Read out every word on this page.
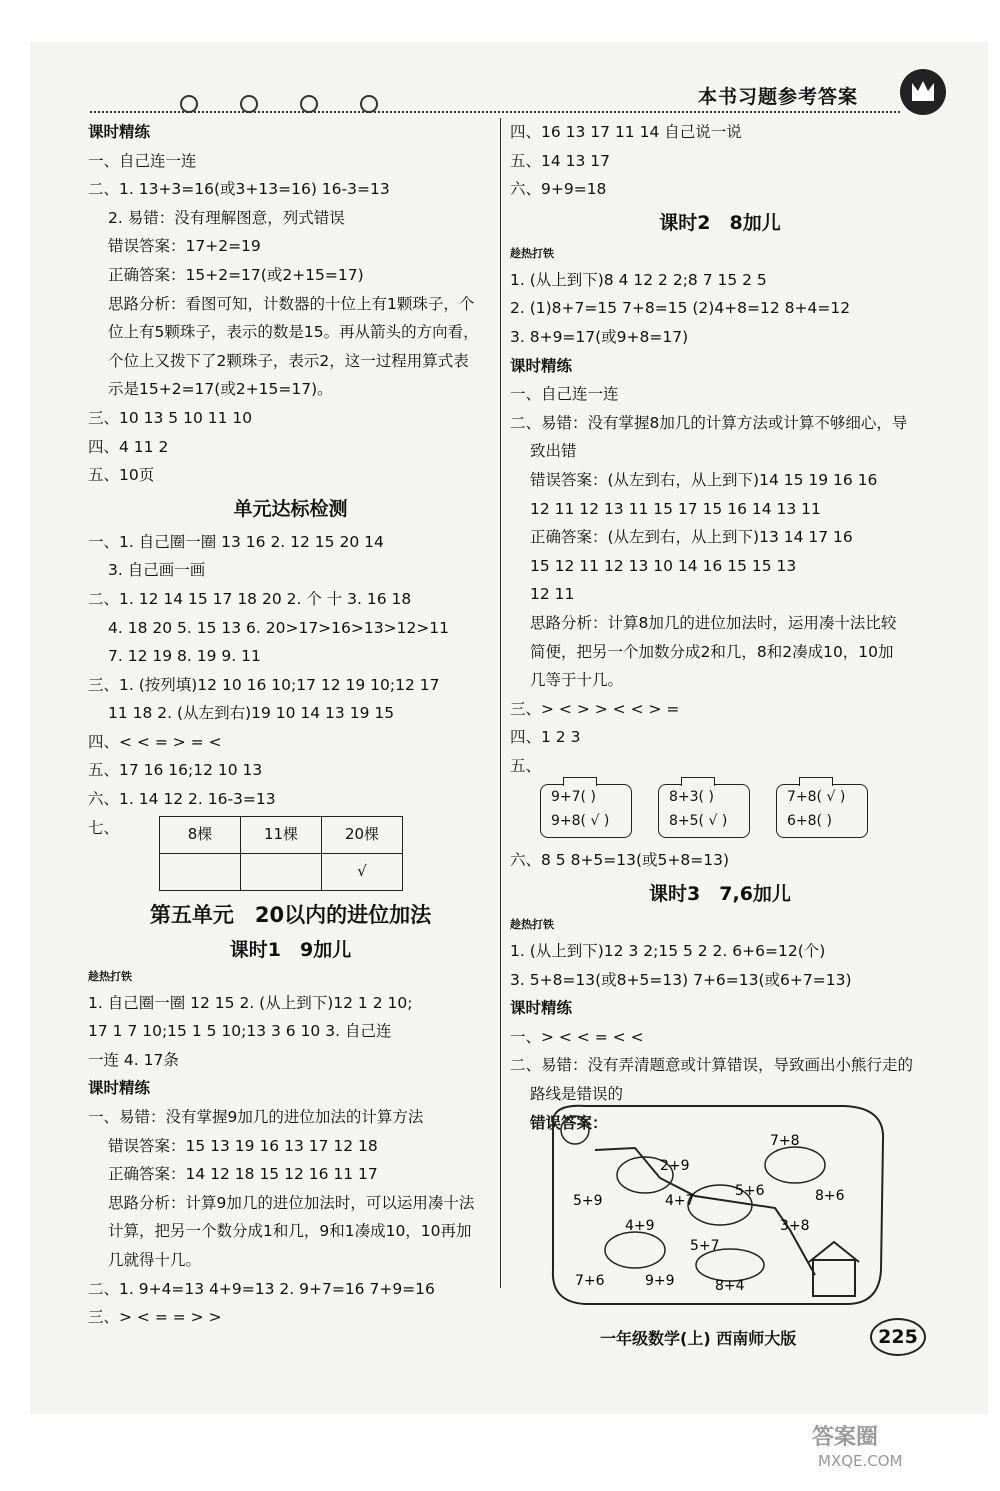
本书习题参考答案
课时精练
一、自己连一连
二、1. 13+3=16(或3+13=16) 16-3=13
2. 易错：没有理解图意，列式错误
错误答案：17+2=19
正确答案：15+2=17(或2+15=17)
思路分析：看图可知，计数器的十位上有1颗珠子，个
位上有5颗珠子，表示的数是15。再从箭头的方向看，
个位上又拨下了2颗珠子，表示2，这一过程用算式表
示是15+2=17(或2+15=17)。
三、10 13 5 10 11 10
四、4 11 2
五、10页
单元达标检测
一、1. 自己圈一圈 13 16 2. 12 15 20 14
3. 自己画一画
二、1. 12 14 15 17 18 20 2. 个 十 3. 16 18
4. 18 20 5. 15 13 6. 20>17>16>13>12>11
7. 12 19 8. 19 9. 11
三、1. (按列填)12 10 16 10;17 12 19 10;12 17
11 18 2. (从左到右)19 10 14 13 19 15
四、< < = > = <
五、17 16 16;12 10 13
六、1. 14 12 2. 16-3=13
七、	8棵	11棵	20棵
		√
第五单元　20以内的进位加法
课时1　9加儿
趁热打铁
1. 自己圈一圈 12 15 2. (从上到下)12 1 2 10;
17 1 7 10;15 1 5 10;13 3 6 10 3. 自己连
一连 4. 17条
课时精练
一、易错：没有掌握9加几的进位加法的计算方法
错误答案：15 13 19 16 13 17 12 18
正确答案：14 12 18 15 12 16 11 17
思路分析：计算9加几的进位加法时，可以运用凑十法
计算，把另一个数分成1和几，9和1凑成10，10再加
几就得十几。
二、1. 9+4=13 4+9=13 2. 9+7=16 7+9=16
三、> < = = > >
四、16 13 17 11 14 自己说一说
五、14 13 17
六、9+9=18
课时2　8加儿
趁热打铁
1. (从上到下)8 4 12 2 2;8 7 15 2 5
2. (1)8+7=15 7+8=15 (2)4+8=12 8+4=12
3. 8+9=17(或9+8=17)
课时精练
一、自己连一连
二、易错：没有掌握8加几的计算方法或计算不够细心，导
致出错
错误答案：(从左到右，从上到下)14 15 19 16 16
12 11 12 13 11 15 17 15 16 14 13 11
正确答案：(从左到右，从上到下)13 14 17 16
15 12 11 12 13 10 14 16 15 15 13
12 11
思路分析：计算8加几的进位加法时，运用凑十法比较
简便，把另一个加数分成2和几，8和2凑成10，10加
几等于十几。
三、> < > > < < > =
四、1 2 3
五、
9+7( )
9+8( √ )
8+3( )
8+5( √ )
7+8( √ )
6+8( )
六、8 5 8+5=13(或5+8=13)
课时3　7,6加儿
趁热打铁
1. (从上到下)12 3 2;15 5 2 2. 6+6=12(个)
3. 5+8=13(或8+5=13) 7+6=13(或6+7=13)
课时精练
一、> < < = < <
二、易错：没有弄清题意或计算错误，导致画出小熊行走的
路线是错误的
错误答案：
2+9
7+8
4+7
5+6
5+9	8+6
4+9	3+8
5+7
7+6	9+9	8+4
一年级数学(上) 西南师大版	225
答案圈
MXQE.COM
